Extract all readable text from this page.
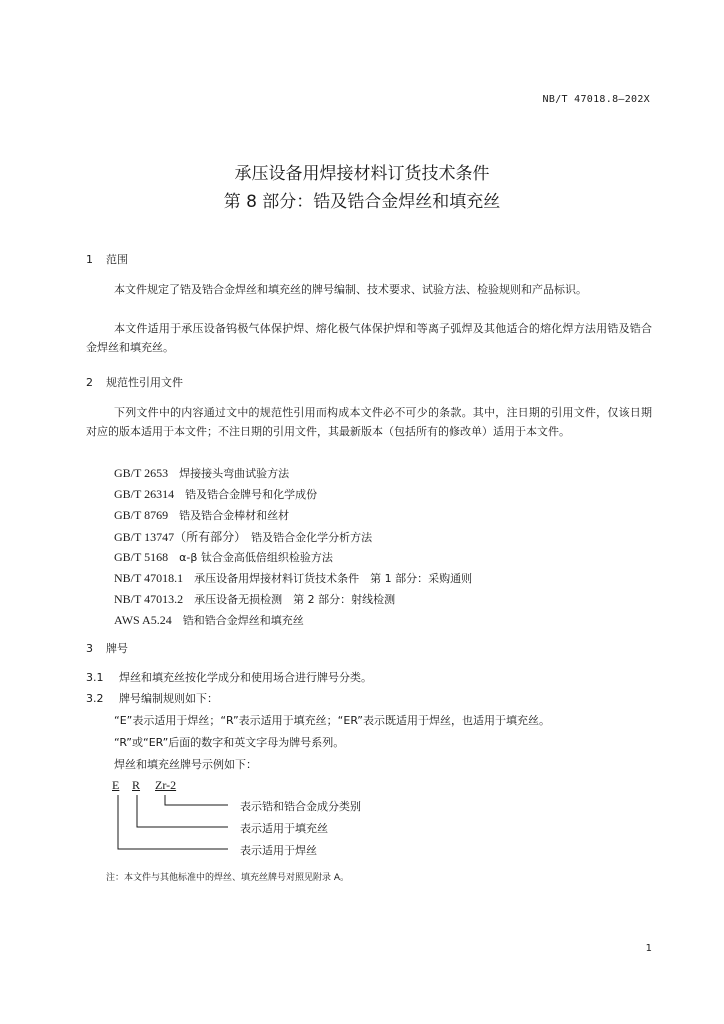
NB/T 47018.8—202X
承压设备用焊接材料订货技术条件
第 8 部分：锆及锆合金焊丝和填充丝
1 范围

本文件规定了锆及锆合金焊丝和填充丝的牌号编制、技术要求、试验方法、检验规则和产品标识。

本文件适用于承压设备钨极气体保护焊、熔化极气体保护焊和等离子弧焊及其他适合的熔化焊方法用锆及锆合金焊丝和填充丝。

2 规范性引用文件

下列文件中的内容通过文中的规范性引用而构成本文件必不可少的条款。其中，注日期的引用文件，仅该日期对应的版本适用于本文件；不注日期的引用文件，其最新版本（包括所有的修改单）适用于本文件。

GB/T 2653　 焊接接头弯曲试验方法
GB/T 26314　 锆及锆合金牌号和化学成份
GB/T 8769　 锆及锆合金棒材和丝材
GB/T 13747（所有部分）　 锆及锆合金化学分析方法
GB/T 5168　 α-β 钛合金高低倍组织检验方法
NB/T 47018.1　 承压设备用焊接材料订货技术条件　第 1 部分：采购通则
NB/T 47013.2　 承压设备无损检测　第 2 部分：射线检测
AWS A5.24　 锆和锆合金焊丝和填充丝
3 牌号
3.1 焊丝和填充丝按化学成分和使用场合进行牌号分类。
3.2 牌号编制规则如下：
“E”表示适用于焊丝；“R”表示适用于填充丝；“ER”表示既适用于焊丝，也适用于填充丝。
“R”或“ER”后面的数字和英文字母为牌号系列。
焊丝和填充丝牌号示例如下：
E R Zr-2
表示锆和锆合金成分类别
表示适用于填充丝
表示适用于焊丝
注：本文件与其他标准中的焊丝、填充丝牌号对照见附录 A。
1
